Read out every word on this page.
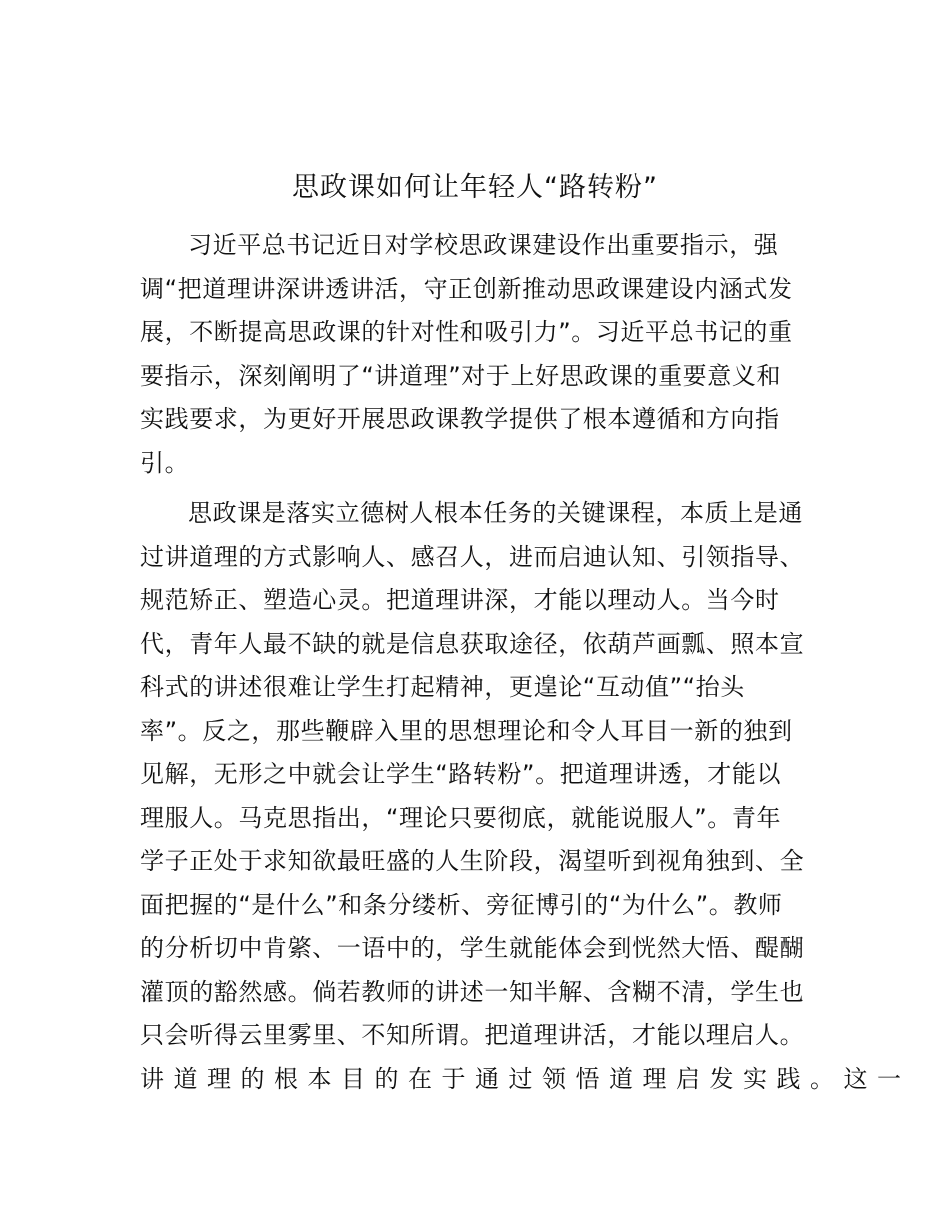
思政课如何让年轻人“路转粉”
习近平总书记近日对学校思政课建设作出重要指示，强
调“把道理讲深讲透讲活，守正创新推动思政课建设内涵式发
展，不断提高思政课的针对性和吸引力”。习近平总书记的重
要指示，深刻阐明了“讲道理”对于上好思政课的重要意义和
实践要求，为更好开展思政课教学提供了根本遵循和方向指
引。
思政课是落实立德树人根本任务的关键课程，本质上是通
过讲道理的方式影响人、感召人，进而启迪认知、引领指导、
规范矫正、塑造心灵。把道理讲深，才能以理动人。当今时
代，青年人最不缺的就是信息获取途径，依葫芦画瓢、照本宣
科式的讲述很难让学生打起精神，更遑论“互动值”“抬头
率”。反之，那些鞭辟入里的思想理论和令人耳目一新的独到
见解，无形之中就会让学生“路转粉”。把道理讲透，才能以
理服人。马克思指出，“理论只要彻底，就能说服人”。青年
学子正处于求知欲最旺盛的人生阶段，渴望听到视角独到、全
面把握的“是什么”和条分缕析、旁征博引的“为什么”。教师
的分析切中肯綮、一语中的，学生就能体会到恍然大悟、醍醐
灌顶的豁然感。倘若教师的讲述一知半解、含糊不清，学生也
只会听得云里雾里、不知所谓。把道理讲活，才能以理启人。
讲道理的根本目的在于通过领悟道理启发实践。这一
